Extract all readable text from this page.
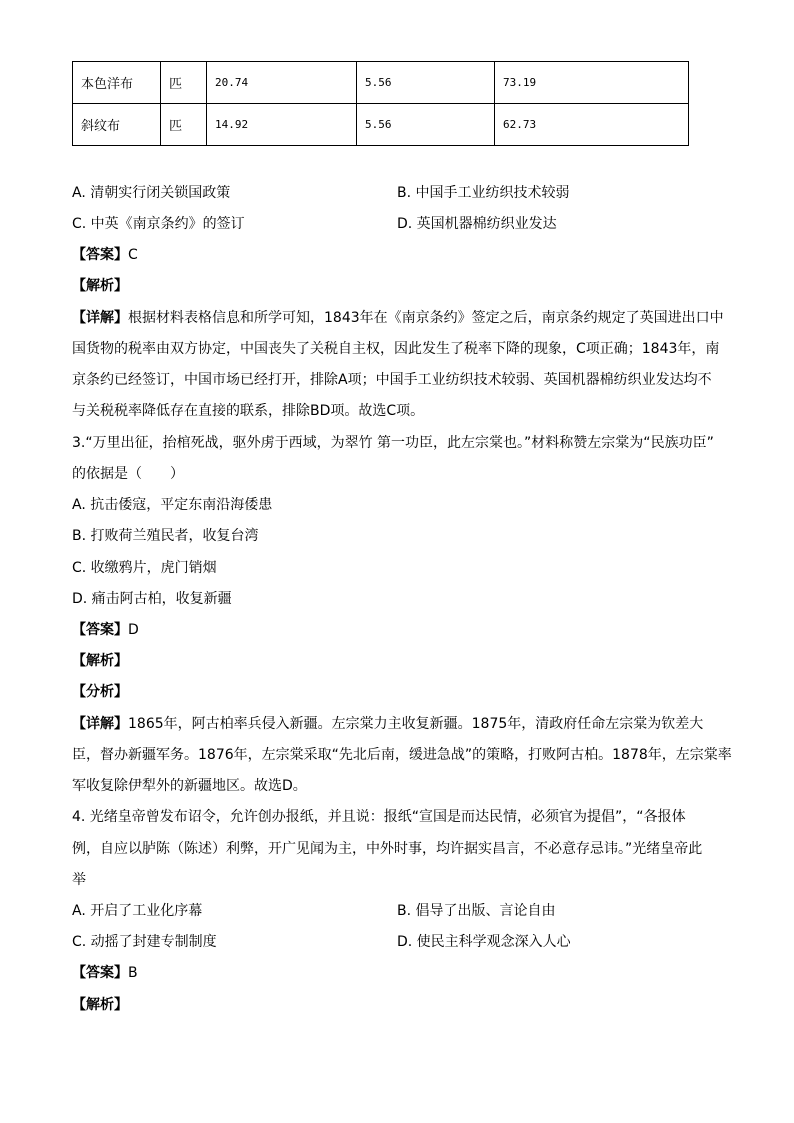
本色洋布	匹	20.74	5.56	73.19
斜纹布	匹	14.92	5.56	62.73
A. 清朝实行闭关锁国政策	B. 中国手工业纺织技术较弱
C. 中英《南京条约》的签订	D. 英国机器棉纺织业发达
【答案】C
【解析】
【详解】根据材料表格信息和所学可知，1843年在《南京条约》签定之后，南京条约规定了英国进出口中
国货物的税率由双方协定，中国丧失了关税自主权，因此发生了税率下降的现象，C项正确；1843年，南
京条约已经签订，中国市场已经打开，排除A项；中国手工业纺织技术较弱、英国机器棉纺织业发达均不
与关税税率降低存在直接的联系，排除BD项。故选C项。
3.“万里出征，抬棺死战，驱外虏于西域，为翠竹 第一功臣，此左宗棠也。”材料称赞左宗棠为“民族功臣”
的依据是（　　）
A. 抗击倭寇，平定东南沿海倭患
B. 打败荷兰殖民者，收复台湾
C. 收缴鸦片，虎门销烟
D. 痛击阿古柏，收复新疆
【答案】D
【解析】
【分析】
【详解】1865年，阿古柏率兵侵入新疆。左宗棠力主收复新疆。1875年，清政府任命左宗棠为钦差大
臣，督办新疆军务。1876年，左宗棠采取“先北后南，缓进急战”的策略，打败阿古柏。1878年，左宗棠率
军收复除伊犁外的新疆地区。故选D。
4. 光绪皇帝曾发布诏令，允许创办报纸，并且说：报纸“宣国是而达民情，必须官为提倡”，“各报体
例，自应以胪陈（陈述）利弊，开广见闻为主，中外时事，均许据实昌言，不必意存忌讳。”光绪皇帝此
举
A. 开启了工业化序幕	B. 倡导了出版、言论自由
C. 动摇了封建专制制度	D. 使民主科学观念深入人心
【答案】B
【解析】
